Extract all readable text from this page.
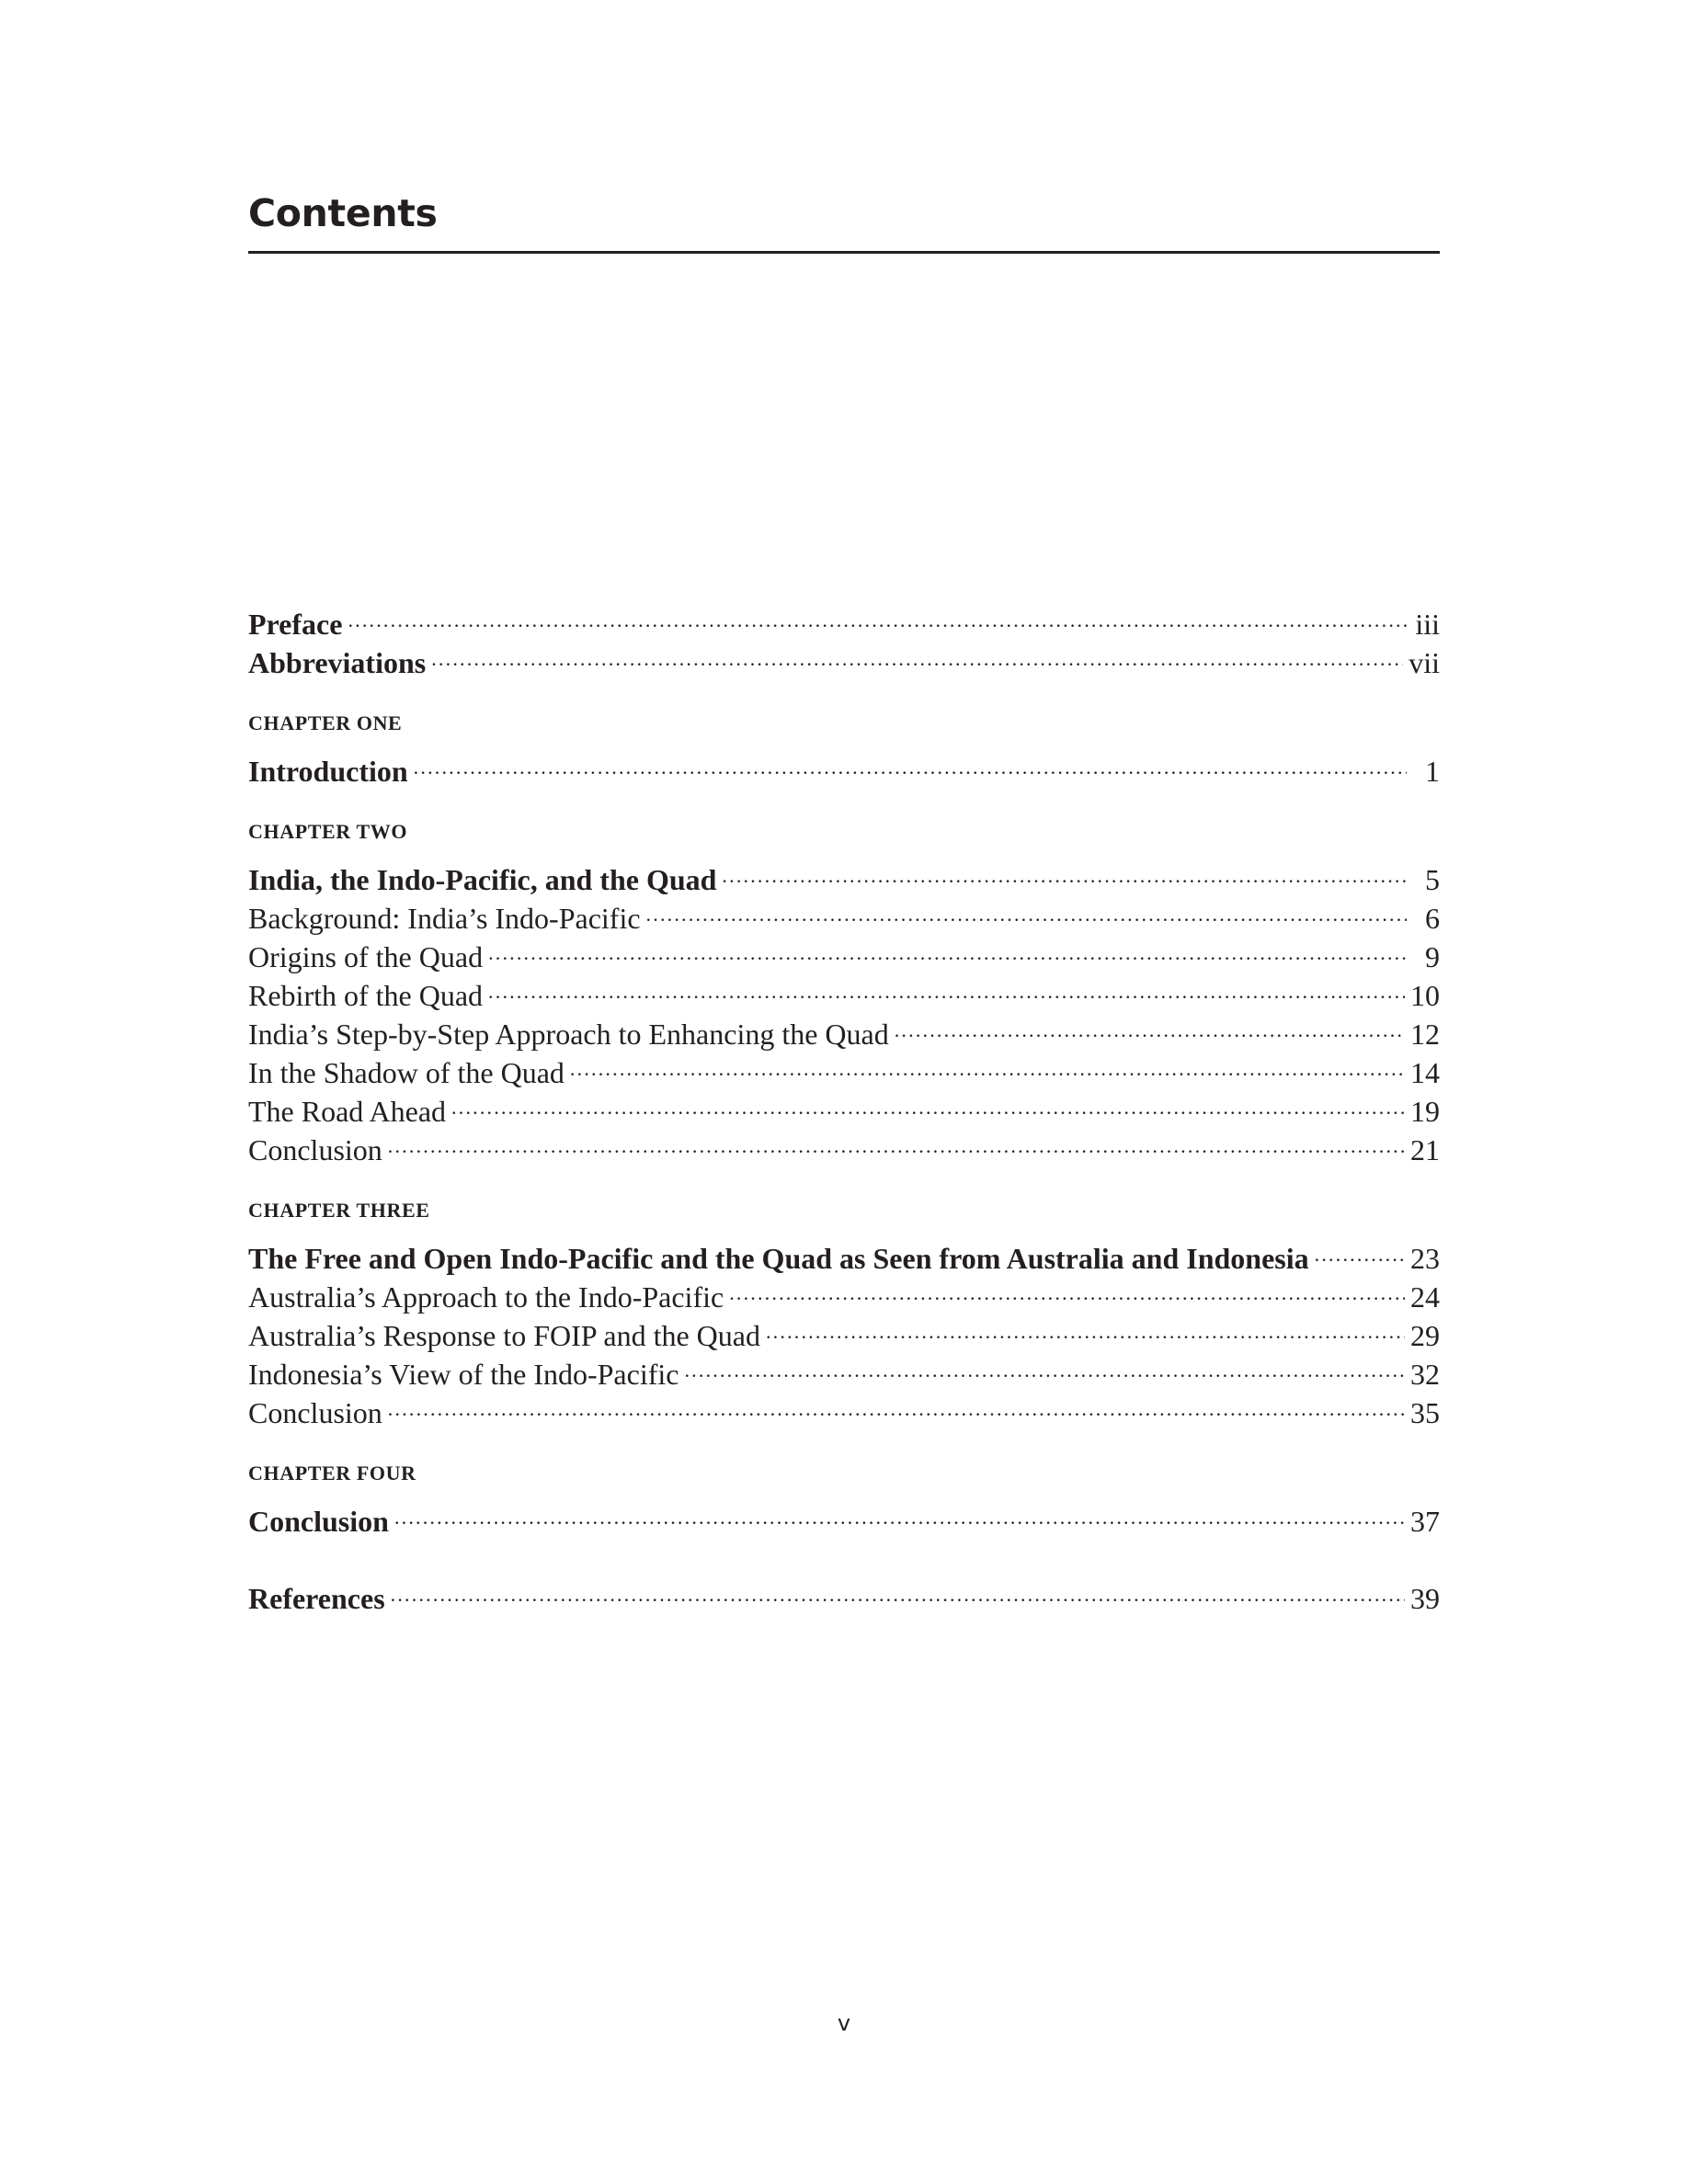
Contents
Preface .....	iii
Abbreviations .....	vii
CHAPTER ONE
Introduction .....	1
CHAPTER TWO
India, the Indo-Pacific, and the Quad .....	5
Background: India’s Indo-Pacific .....	6
Origins of the Quad .....	9
Rebirth of the Quad .....	10
India’s Step-by-Step Approach to Enhancing the Quad .....	12
In the Shadow of the Quad .....	14
The Road Ahead .....	19
Conclusion .....	21
CHAPTER THREE
The Free and Open Indo-Pacific and the Quad as Seen from Australia and Indonesia .....	23
Australia’s Approach to the Indo-Pacific .....	24
Australia’s Response to FOIP and the Quad .....	29
Indonesia’s View of the Indo-Pacific .....	32
Conclusion .....	35
CHAPTER FOUR
Conclusion .....	37
References .....	39
v
